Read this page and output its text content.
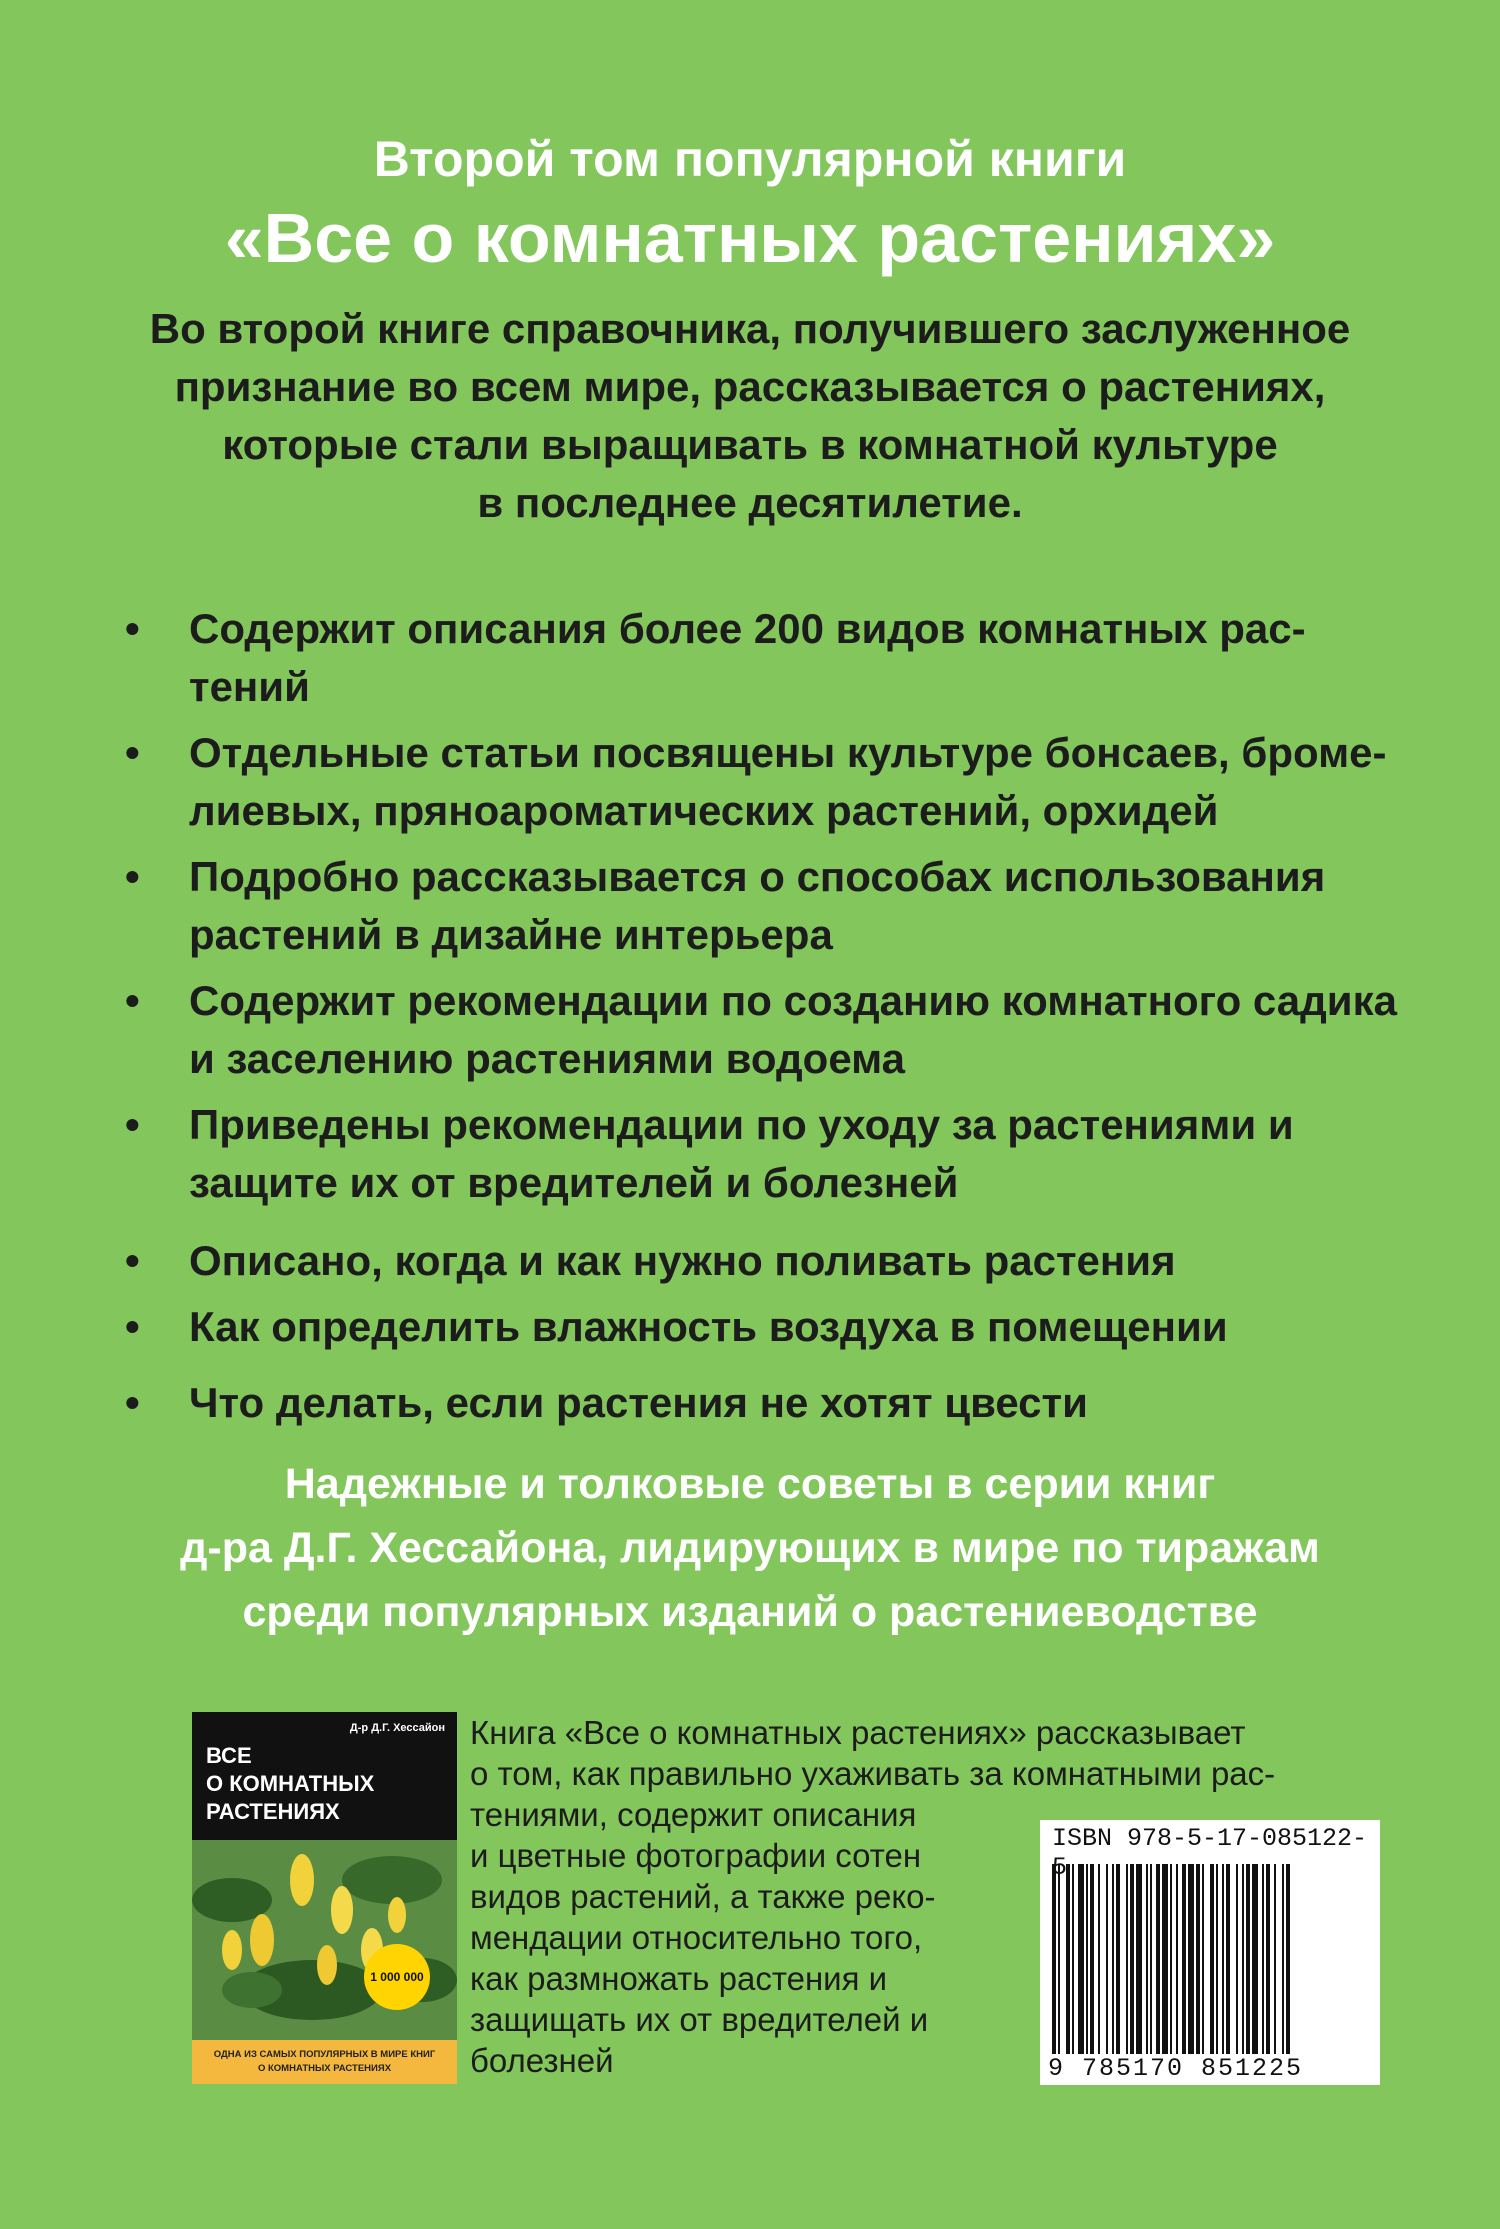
Второй том популярной книги
«Все о комнатных растениях»
Во второй книге справочника, получившего заслуженное
признание во всем мире, рассказывается о растениях,
которые стали выращивать в комнатной культуре
в последнее десятилетие.
•	Содержит описания более 200 видов комнатных рас-
тений
•	Отдельные статьи посвящены культуре бонсаев, броме-
лиевых, пряноароматических растений, орхидей
•	Подробно рассказывается о способах использования
растений в дизайне интерьера
•	Содержит рекомендации по созданию комнатного садика
и заселению растениями водоема
•	Приведены рекомендации по уходу за растениями и
защите их от вредителей и болезней
•	Описано, когда и как нужно поливать растения
•	Как определить влажность воздуха в помещении
•	Что делать, если растения не хотят цвести
Надежные и толковые советы в серии книг
д-ра Д.Г. Хессайона, лидирующих в мире по тиражам
среди популярных изданий о растениеводстве
Д-р Д.Г. Хессайон
ВСЕ
О КОМНАТНЫХ
РАСТЕНИЯХ
1 000 000
ОДНА ИЗ САМЫХ ПОПУЛЯРНЫХ В МИРЕ КНИГ
О КОМНАТНЫХ РАСТЕНИЯХ
Книга «Все о комнатных растениях» рассказывает
о том, как правильно ухаживать за комнатными рас-
тениями, содержит описания
и цветные фотографии сотен
видов растений, а также реко-
мендации относительно того,
как размножать растения и
защищать их от вредителей и
болезней
ISBN 978-5-17-085122-5
9 785170 851225
